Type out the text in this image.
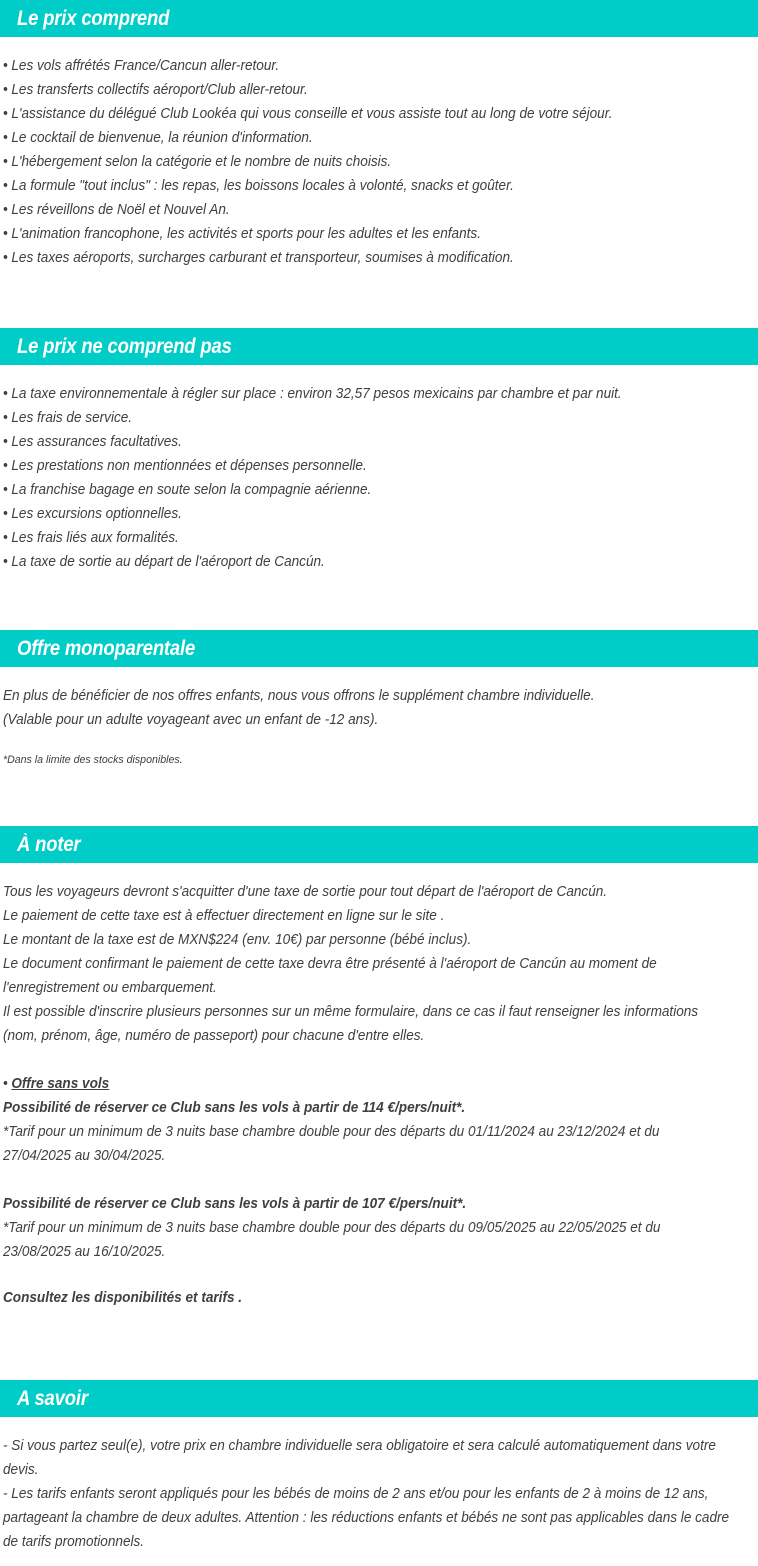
Le prix comprend
• Les vols affrétés France/Cancun aller-retour.
• Les transferts collectifs aéroport/Club aller-retour.
• L'assistance du délégué Club Lookéa qui vous conseille et vous assiste tout au long de votre séjour.
• Le cocktail de bienvenue, la réunion d'information.
• L'hébergement selon la catégorie et le nombre de nuits choisis.
• La formule "tout inclus" : les repas, les boissons locales à volonté, snacks et goûter.
• Les réveillons de Noël et Nouvel An.
• L'animation francophone, les activités et sports pour les adultes et les enfants.
• Les taxes aéroports, surcharges carburant et transporteur, soumises à modification.
Le prix ne comprend pas
• La taxe environnementale à régler sur place : environ 32,57 pesos mexicains par chambre et par nuit.
• Les frais de service.
• Les assurances facultatives.
• Les prestations non mentionnées et dépenses personnelle.
• La franchise bagage en soute selon la compagnie aérienne.
• Les excursions optionnelles.
• Les frais liés aux formalités.
• La taxe de sortie au départ de l'aéroport de Cancún.
Offre monoparentale
En plus de bénéficier de nos offres enfants, nous vous offrons le supplément chambre individuelle.
(Valable pour un adulte voyageant avec un enfant de -12 ans).
*Dans la limite des stocks disponibles.
À noter
Tous les voyageurs devront s'acquitter d'une taxe de sortie pour tout départ de l'aéroport de Cancún.
Le paiement de cette taxe est à effectuer directement en ligne sur le site .
Le montant de la taxe est de MXN$224 (env. 10€) par personne (bébé inclus).
Le document confirmant le paiement de cette taxe devra être présenté à l'aéroport de Cancún au moment de
l'enregistrement ou embarquement.
Il est possible d'inscrire plusieurs personnes sur un même formulaire, dans ce cas il faut renseigner les informations
(nom, prénom, âge, numéro de passeport) pour chacune d'entre elles.
• Offre sans vols
Possibilité de réserver ce Club sans les vols à partir de 114 €/pers/nuit*.
*Tarif pour un minimum de 3 nuits base chambre double pour des départs du 01/11/2024 au 23/12/2024 et du
27/04/2025 au 30/04/2025.
Possibilité de réserver ce Club sans les vols à partir de 107 €/pers/nuit*.
*Tarif pour un minimum de 3 nuits base chambre double pour des départs du 09/05/2025 au 22/05/2025 et du
23/08/2025 au 16/10/2025.
Consultez les disponibilités et tarifs .
A savoir
- Si vous partez seul(e), votre prix en chambre individuelle sera obligatoire et sera calculé automatiquement dans votre
devis.
- Les tarifs enfants seront appliqués pour les bébés de moins de 2 ans et/ou pour les enfants de 2 à moins de 12 ans,
partageant la chambre de deux adultes. Attention : les réductions enfants et bébés ne sont pas applicables dans le cadre
de tarifs promotionnels.
